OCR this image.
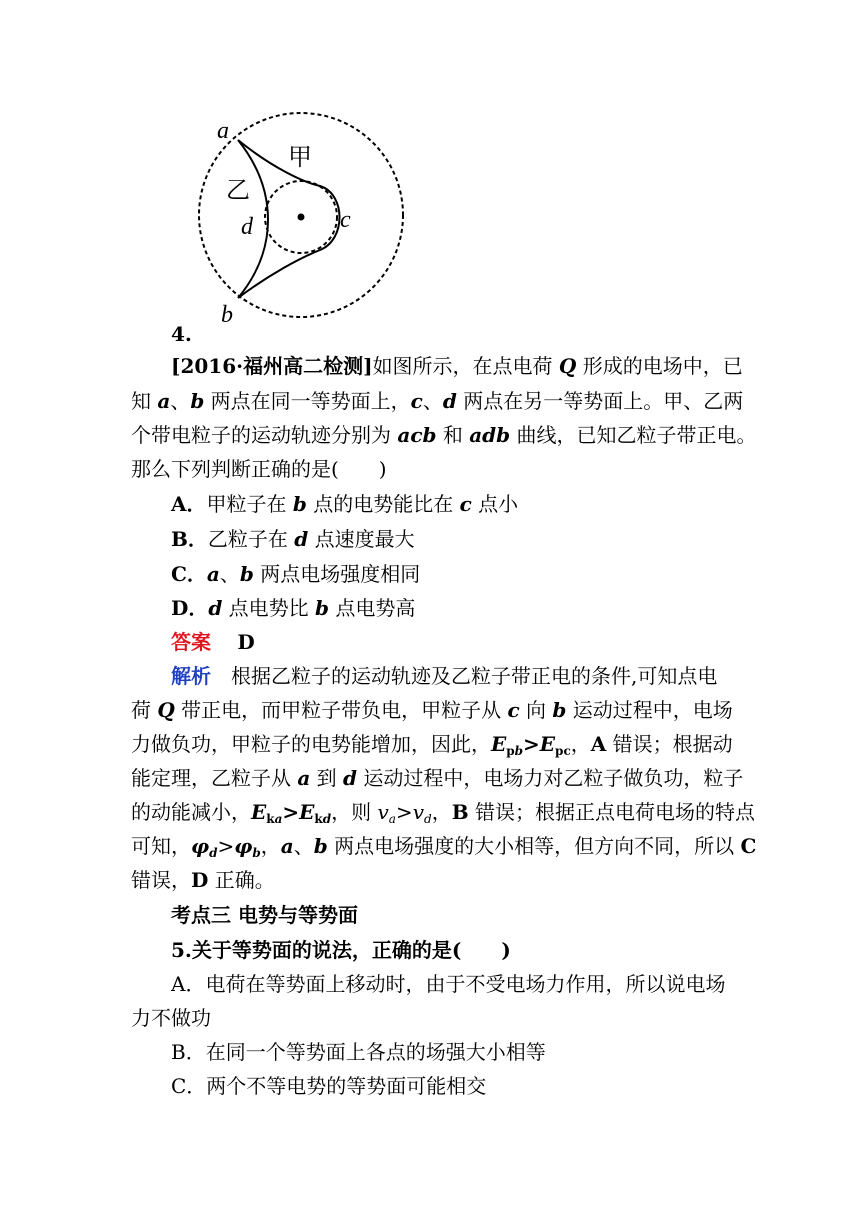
a
b
c
d
甲
乙
4.
[2016·福州高二检测]如图所示，在点电荷 Q 形成的电场中，已
知 a、b 两点在同一等势面上，c、d 两点在另一等势面上。甲、乙两
个带电粒子的运动轨迹分别为 acb 和 adb 曲线，已知乙粒子带正电。
那么下列判断正确的是(　　)
A．甲粒子在 b 点的电势能比在 c 点小
B．乙粒子在 d 点速度最大
C．a、b 两点电场强度相同
D．d 点电势比 b 点电势高
答案　 D
解析　 根据乙粒子的运动轨迹及乙粒子带正电的条件,可知点电
荷 Q 带正电，而甲粒子带负电，甲粒子从 c 向 b 运动过程中，电场
力做负功，甲粒子的电势能增加，因此，$E_{pb}>E_{pc}$，A 错误；根据动
能定理，乙粒子从 a 到 d 运动过程中，电场力对乙粒子做负功，粒子
的动能减小，$E_{ka}>E_{kd}$，则 $v_a>v_d$，B 错误；根据正点电荷电场的特点
可知，$\varphi_d>\varphi_b$，a、b 两点电场强度的大小相等，但方向不同，所以 C
错误，D 正确。
考点三 电势与等势面
5.关于等势面的说法，正确的是(　　)
A．电荷在等势面上移动时，由于不受电场力作用，所以说电场
力不做功
B．在同一个等势面上各点的场强大小相等
C．两个不等电势的等势面可能相交
